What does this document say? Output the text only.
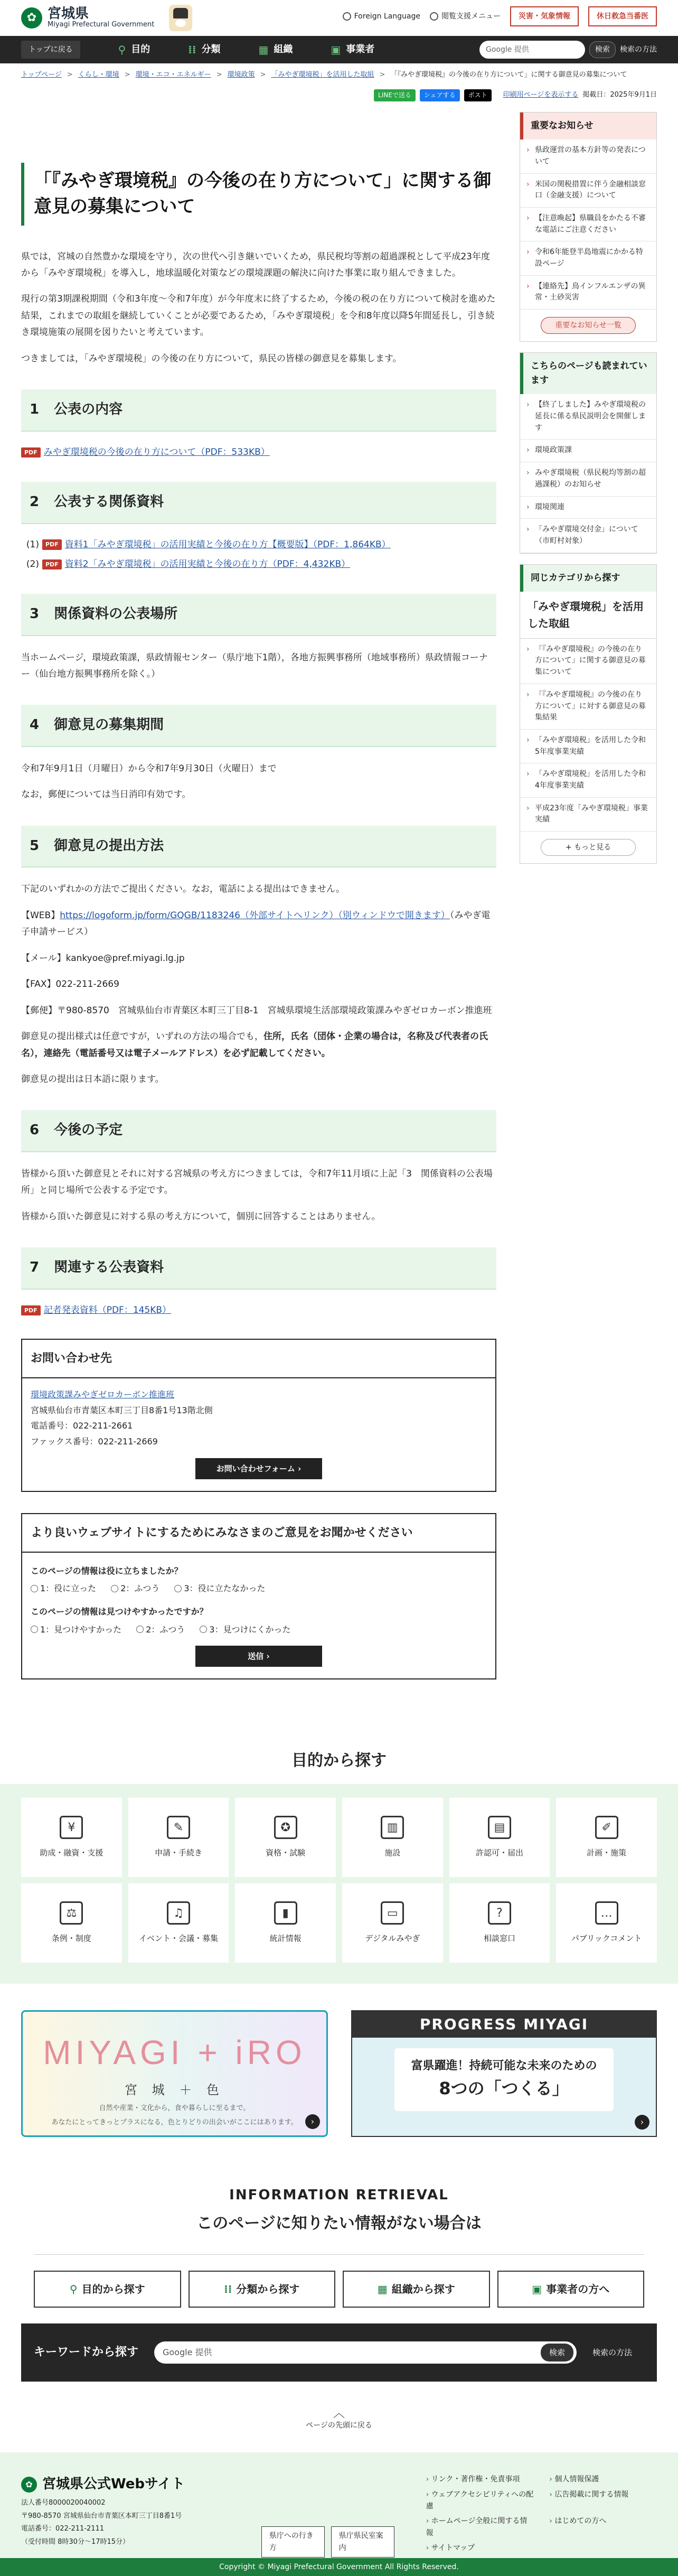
✿ 宮城県
Miyagi Prefectural Government
Foreign Language	閲覧支援メニュー	災害・気象情報	休日救急当番医
トップに戻る	⚲ 目的	⁞⁞ 分類	▦ 組織	▣ 事業者	Google 提供	検索	検索の方法
トップページ > くらし・環境 > 環境・エコ・エネルギー > 環境政策 > 「みやぎ環境税」を活用した取組 > 「『みやぎ環境税』の今後の在り方について」に関する御意見の募集について
LINEで送る	シェアする	ポスト	印刷用ページを表示する 掲載日：2025年9月1日
「『みやぎ環境税』の今後の在り方について」に関する御意見の募集について

県では，宮城の自然豊かな環境を守り，次の世代へ引き継いでいくため，県民税均等割の超過課税として平成23年度から「みやぎ環境税」を導入し，地球温暖化対策などの環境課題の解決に向けた事業に取り組んできました。

現行の第3期課税期間（令和3年度～令和7年度）が今年度末に終了するため，今後の税の在り方について検討を進めた結果，これまでの取組を継続していくことが必要であるため，「みやぎ環境税」を令和8年度以降5年間延長し，引き続き環境施策の展開を図りたいと考えています。

つきましては，「みやぎ環境税」の今後の在り方について，県民の皆様の御意見を募集します。

1 公表の内容
PDF みやぎ環境税の今後の在り方について（PDF：533KB）
2 公表する関係資料
(1)	PDF 資料1「みやぎ環境税」の活用実績と今後の在り方【概要版】（PDF：1,864KB）
(2)	PDF 資料2「みやぎ環境税」の活用実績と今後の在り方（PDF：4,432KB）
3 関係資料の公表場所

当ホームページ，環境政策課，県政情報センター（県庁地下1階），各地方振興事務所（地域事務所）県政情報コーナー（仙台地方振興事務所を除く。）

4 御意見の募集期間

令和7年9月1日（月曜日）から令和7年9月30日（火曜日）まで

なお，郵便については当日消印有効です。

5 御意見の提出方法

下記のいずれかの方法でご提出ください。なお，電話による提出はできません。

【WEB】https://logoform.jp/form/GQGB/1183246（外部サイトへリンク）（別ウィンドウで開きます）（みやぎ電子申請サービス）

【メール】kankyoe@pref.miyagi.lg.jp

【FAX】022-211-2669

【郵便】〒980-8570　宮城県仙台市青葉区本町三丁目8-1　宮城県環境生活部環境政策課みやぎゼロカーボン推進班

御意見の提出様式は任意ですが，いずれの方法の場合でも，住所，氏名（団体・企業の場合は，名称及び代表者の氏名），連絡先（電話番号又は電子メールアドレス）を必ず記載してください。

御意見の提出は日本語に限ります。

6 今後の予定

皆様から頂いた御意見とそれに対する宮城県の考え方につきましては，令和7年11月頃に上記「3　関係資料の公表場所」と同じ場所で公表する予定です。

皆様から頂いた御意見に対する県の考え方について，個別に回答することはありません。

7 関連する公表資料
PDF 記者発表資料（PDF：145KB）
お問い合わせ先
環境政策課みやぎゼロカーボン推進班
宮城県仙台市青葉区本町三丁目8番1号13階北側
電話番号：022-211-2661
ファックス番号：022-211-2669
お問い合わせフォーム ›
より良いウェブサイトにするためにみなさまのご意見をお聞かせください
このページの情報は役に立ちましたか？
1：役に立った	2：ふつう	3：役に立たなかった
このページの情報は見つけやすかったですか？
1：見つけやすかった	2：ふつう	3：見つけにくかった
送信 ›
重要なお知らせ
› 県政運営の基本方針等の発表について
› 米国の関税措置に伴う金融相談窓口（金融支援）について
› 【注意喚起】県職員をかたる不審な電話にご注意ください
› 令和6年能登半島地震にかかる特設ページ
› 【連絡先】鳥インフルエンザの異常・土砂災害
重要なお知らせ一覧
こちらのページも読まれています
› 【終了しました】みやぎ環境税の延長に係る県民説明会を開催します
› 環境政策課
› みやぎ環境税（県民税均等割の超過課税）のお知らせ
› 環境関連
› 「みやぎ環境交付金」について（市町村対象）
同じカテゴリから探す
「みやぎ環境税」を活用した取組
› 「『みやぎ環境税』の今後の在り方について」に関する御意見の募集について
› 「『みやぎ環境税』の今後の在り方について」に対する御意見の募集結果
› 「みやぎ環境税」を活用した令和5年度事業実績
› 「みやぎ環境税」を活用した令和4年度事業実績
› 平成23年度「みやぎ環境税」事業実績
+ もっと見る
目的から探す
¥
助成・融資・支援
✎
申請・手続き
✪
資格・試験
▥
施設
▤
許認可・届出
✐
計画・施策
⚖
条例・制度
♫
イベント・会議・募集
▮
統計情報
▭
デジタルみやぎ
?
相談窓口
…
パブリックコメント
MIYAGI + iRO
宮 城 ＋ 色
自然や産業・文化から，食や暮らしに至るまで。
あなたにとってきっとプラスになる，色とりどりの出会いがここにはあります。	›
PROGRESS MIYAGI
富県躍進！持続可能な未来のための
8つの「つくる」
›
INFORMATION RETRIEVAL
このページに知りたい情報がない場合は
⚲ 目的から探す	⁞⁞ 分類から探す	▦ 組織から探す	▣ 事業者の方へ
キーワードから探す	Google 提供	検索	検索の方法
︿
ページの先頭に戻る
✿ 宮城県公式Webサイト
法人番号8000020040002
〒980-8570 宮城県仙台市青葉区本町三丁目8番1号
電話番号：022-211-2111
（受付時間 8時30分～17時15分）
県庁への行き方
県庁県民室案内
› リンク・著作権・免責事項	› 個人情報保護
› ウェブアクセシビリティへの配慮
› 広告掲載に関する情報
› ホームページ全般に関する情報
› はじめての方へ
› サイトマップ
Copyright © Miyagi Prefectural Government All Rights Reserved.
